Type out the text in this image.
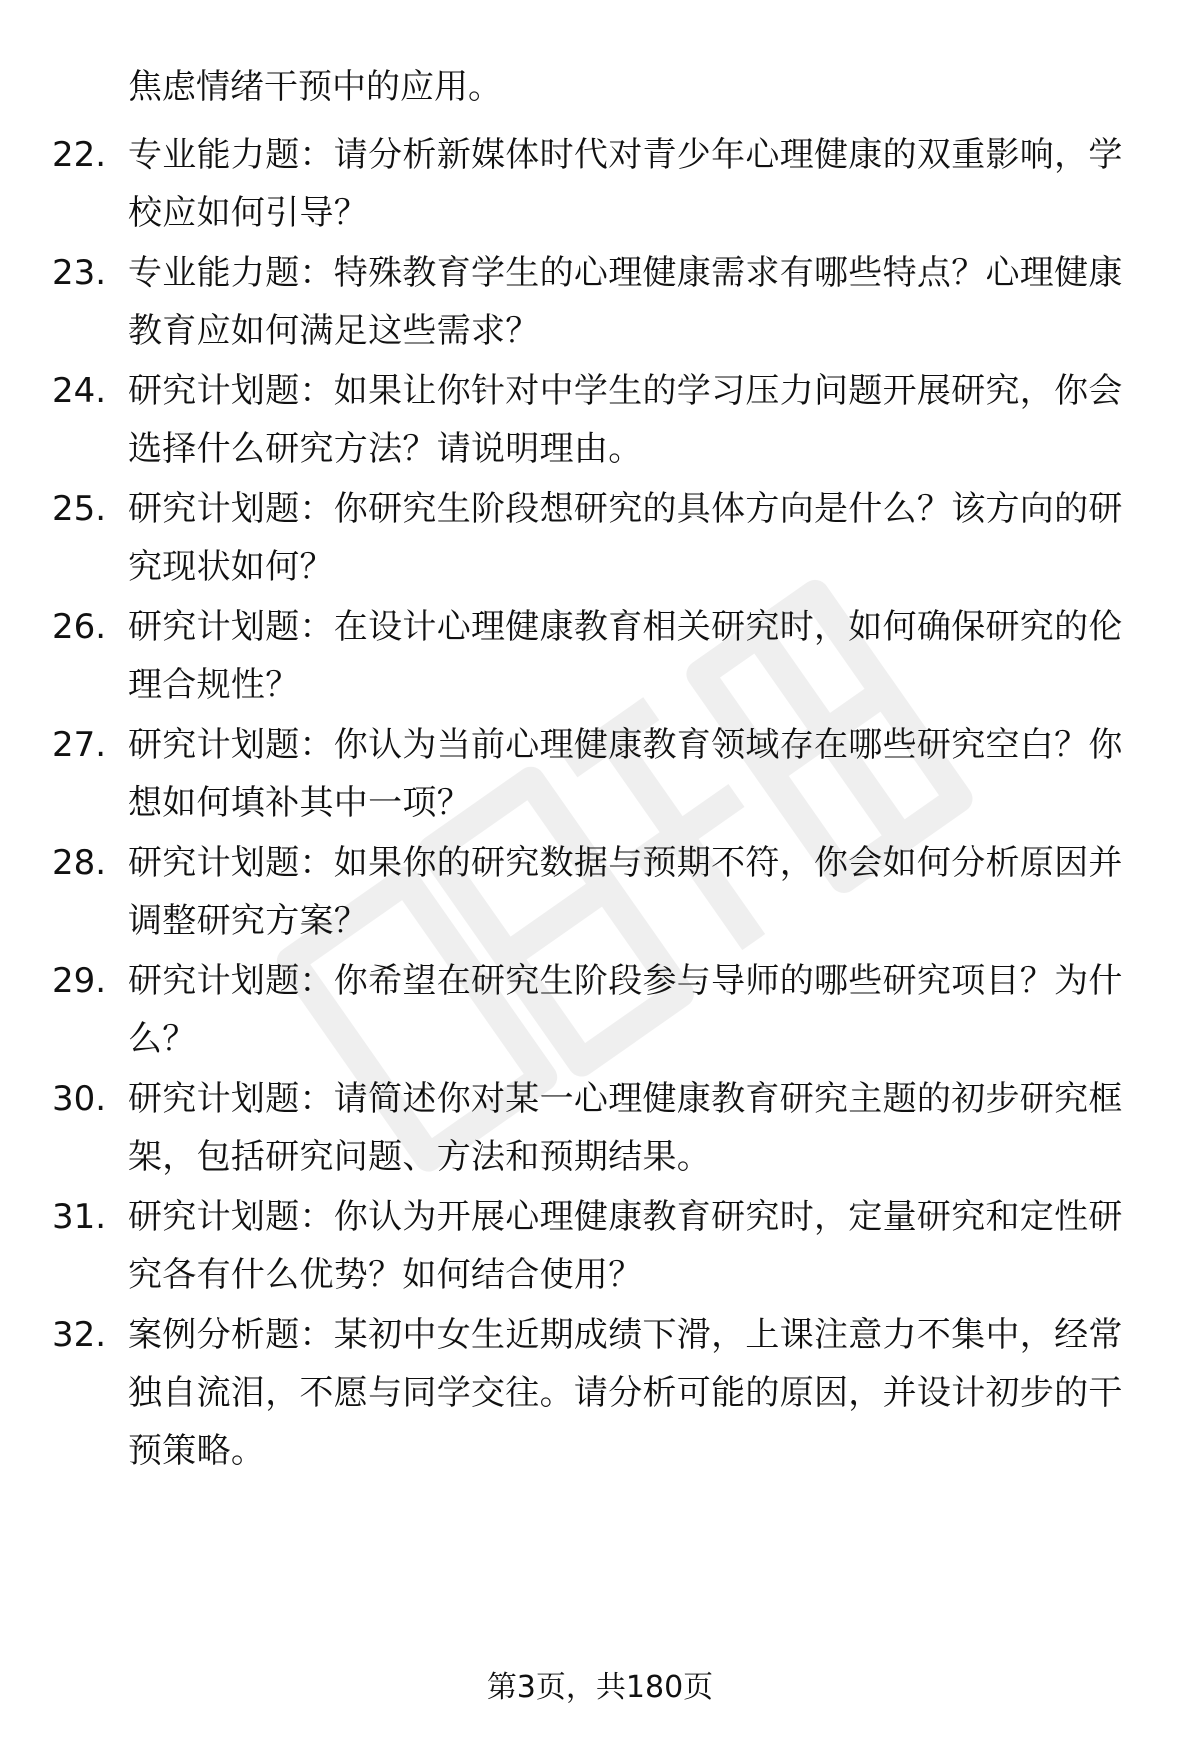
焦虑情绪干预中的应用。
22. 专业能力题：请分析新媒体时代对青少年心理健康的双重影响，学校应如何引导？
23. 专业能力题：特殊教育学生的心理健康需求有哪些特点？心理健康教育应如何满足这些需求？
24. 研究计划题：如果让你针对中学生的学习压力问题开展研究，你会选择什么研究方法？请说明理由。
25. 研究计划题：你研究生阶段想研究的具体方向是什么？该方向的研究现状如何？
26. 研究计划题：在设计心理健康教育相关研究时，如何确保研究的伦理合规性？
27. 研究计划题：你认为当前心理健康教育领域存在哪些研究空白？你想如何填补其中一项？
28. 研究计划题：如果你的研究数据与预期不符，你会如何分析原因并调整研究方案？
29. 研究计划题：你希望在研究生阶段参与导师的哪些研究项目？为什么？
30. 研究计划题：请简述你对某一心理健康教育研究主题的初步研究框架，包括研究问题、方法和预期结果。
31. 研究计划题：你认为开展心理健康教育研究时，定量研究和定性研究各有什么优势？如何结合使用？
32. 案例分析题：某初中女生近期成绩下滑，上课注意力不集中，经常独自流泪，不愿与同学交往。请分析可能的原因，并设计初步的干预策略。
第3页，共180页
